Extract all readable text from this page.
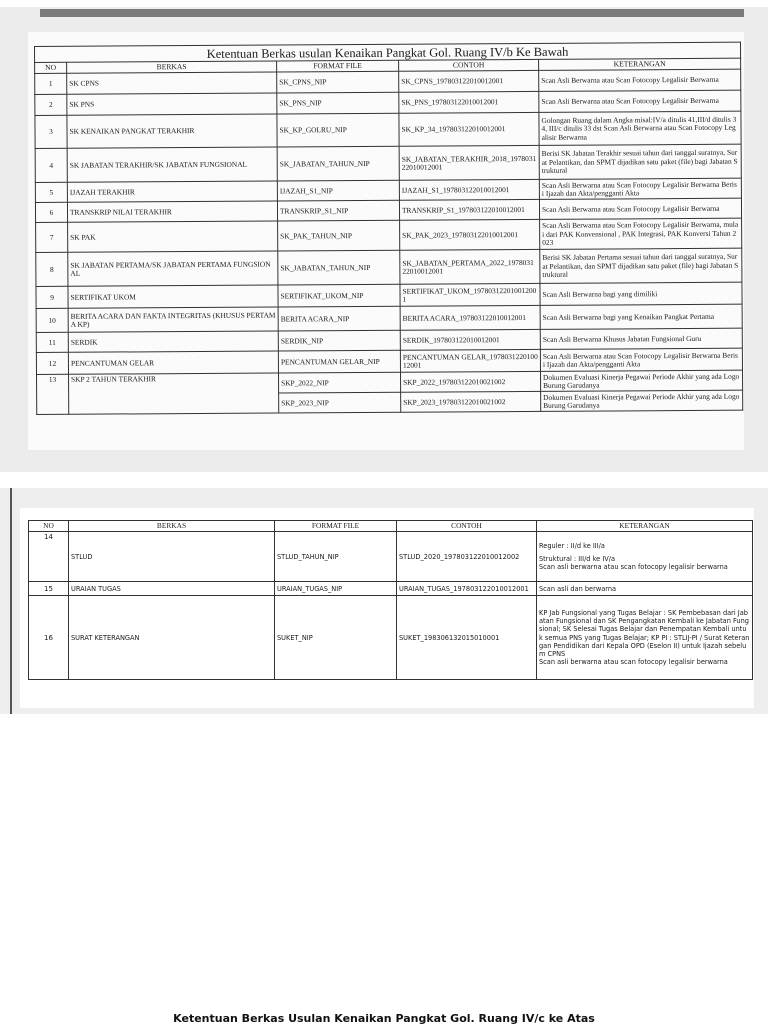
Ketentuan Berkas usulan Kenaikan Pangkat Gol. Ruang IV/b Ke Bawah
NO	BERKAS	FORMAT FILE	CONTOH	KETERANGAN
1	SK CPNS	SK_CPNS_NIP	SK_CPNS_197803122010012001	Scan Asli Berwarna atau Scan Fotocopy Legalisir Berwarna
2	SK PNS	SK_PNS_NIP	SK_PNS_197803122010012001	Scan Asli Berwarna atau Scan Fotocopy Legalisir Berwarna
3	SK KENAIKAN PANGKAT TERAKHIR	SK_KP_GOLRU_NIP	SK_KP_34_197803122010012001	Golongan Ruang dalam Angka misal:IV/a ditulis 41,III/d ditulis 34, III/c ditulis 33 dst Scan Asli Berwarna atau Scan Fotocopy Legalisir Berwarna
4	SK JABATAN TERAKHIR/SK JABATAN FUNGSIONAL	SK_JABATAN_TAHUN_NIP	SK_JABATAN_TERAKHIR_2018_197803122010012001	Berisi SK Jabatan Terakhir sesuai tahun dari tanggal suratnya, Surat Pelantikan, dan SPMT dijadikan satu paket (file) bagi Jabatan Struktural
5	IJAZAH TERAKHIR	IJAZAH_S1_NIP	IJAZAH_S1_197803122010012001	Scan Asli Berwarna atau Scan Fotocopy Legalisir Berwarna Berisi Ijazah dan Akta/pengganti Akta
6	TRANSKRIP NILAI TERAKHIR	TRANSKRIP_S1_NIP	TRANSKRIP_S1_197803122010012001	Scan Asli Berwarna atau Scan Fotocopy Legalisir Berwarna
7	SK PAK	SK_PAK_TAHUN_NIP	SK_PAK_2023_197803122010012001	Scan Asli Berwarna atau Scan Fotocopy Legalisir Berwarna, mulai dari PAK Konvensional , PAK Integrasi, PAK Konversi Tahun 2023
8	SK JABATAN PERTAMA/SK JABATAN PERTAMA FUNGSIONAL	SK_JABATAN_TAHUN_NIP	SK_JABATAN_PERTAMA_2022_197803122010012001	Berisi SK Jabatan Pertama sesuai tahun dari tanggal suratnya, Surat Pelantikan, dan SPMT dijadikan satu paket (file) bagi Jabatan Struktural
9	SERTIFIKAT UKOM	SERTIFIKAT_UKOM_NIP	SERTIFIKAT_UKOM_197803122010012001	Scan Asli Berwarna bagi yang dimiliki
10	BERITA ACARA DAN FAKTA INTEGRITAS (KHUSUS PERTAMA KP)	BERITA ACARA_NIP	BERITA ACARA_197803122010012001	Scan Asli Berwarna bagi yang Kenaikan Pangkat Pertama
11	SERDIK	SERDIK_NIP	SERDIK_197803122010012001	Scan Asli Berwarna Khusus Jabatan Fungsional Guru
12	PENCANTUMAN GELAR	PENCANTUMAN GELAR_NIP	PENCANTUMAN GELAR_197803122010012001	Scan Asli Berwarna atau Scan Fotocopy Legalisir Berwarna Berisi Ijazah dan Akta/pengganti Akta
13	SKP 2 TAHUN TERAKHIR	SKP_2022_NIP	SKP_2022_197803122010021002	Dokumen Evaluasi Kinerja Pegawai Periode Akhir yang ada Logo Burung Garudanya
		SKP_2023_NIP	SKP_2023_197803122010021002	Dokumen Evaluasi Kinerja Pegawai Periode Akhir yang ada Logo Burung Garudanya
NO	BERKAS	FORMAT FILE	CONTOH	KETERANGAN
14	STLUD	STLUD_TAHUN_NIP	STLUD_2020_197803122010012002	Reguler : II/d ke III/a
Struktural : III/d ke IV/a
Scan asli berwarna atau scan fotocopy legalisir berwarna

15	URAIAN TUGAS	URAIAN_TUGAS_NIP	URAIAN_TUGAS_197803122010012001	Scan asli dan berwarna

16	SURAT KETERANGAN	SUKET_NIP	SUKET_198306132015010001	KP Jab Fungsional yang Tugas Belajar : SK Pembebasan dari Jabatan Fungsional dan SK Pengangkatan Kembali ke Jabatan Fungsional; SK Selesai Tugas Belajar dan Penempatan Kembali untuk semua PNS yang Tugas Belajar; KP PI : STLIJ-PI / Surat Keterangan Pendidikan dari Kepala OPD (Eselon II) untuk Ijazah sebelum CPNS
Scan asli berwarna atau scan fotocopy legalisir berwarna
Ketentuan Berkas Usulan Kenaikan Pangkat Gol. Ruang IV/c ke Atas
